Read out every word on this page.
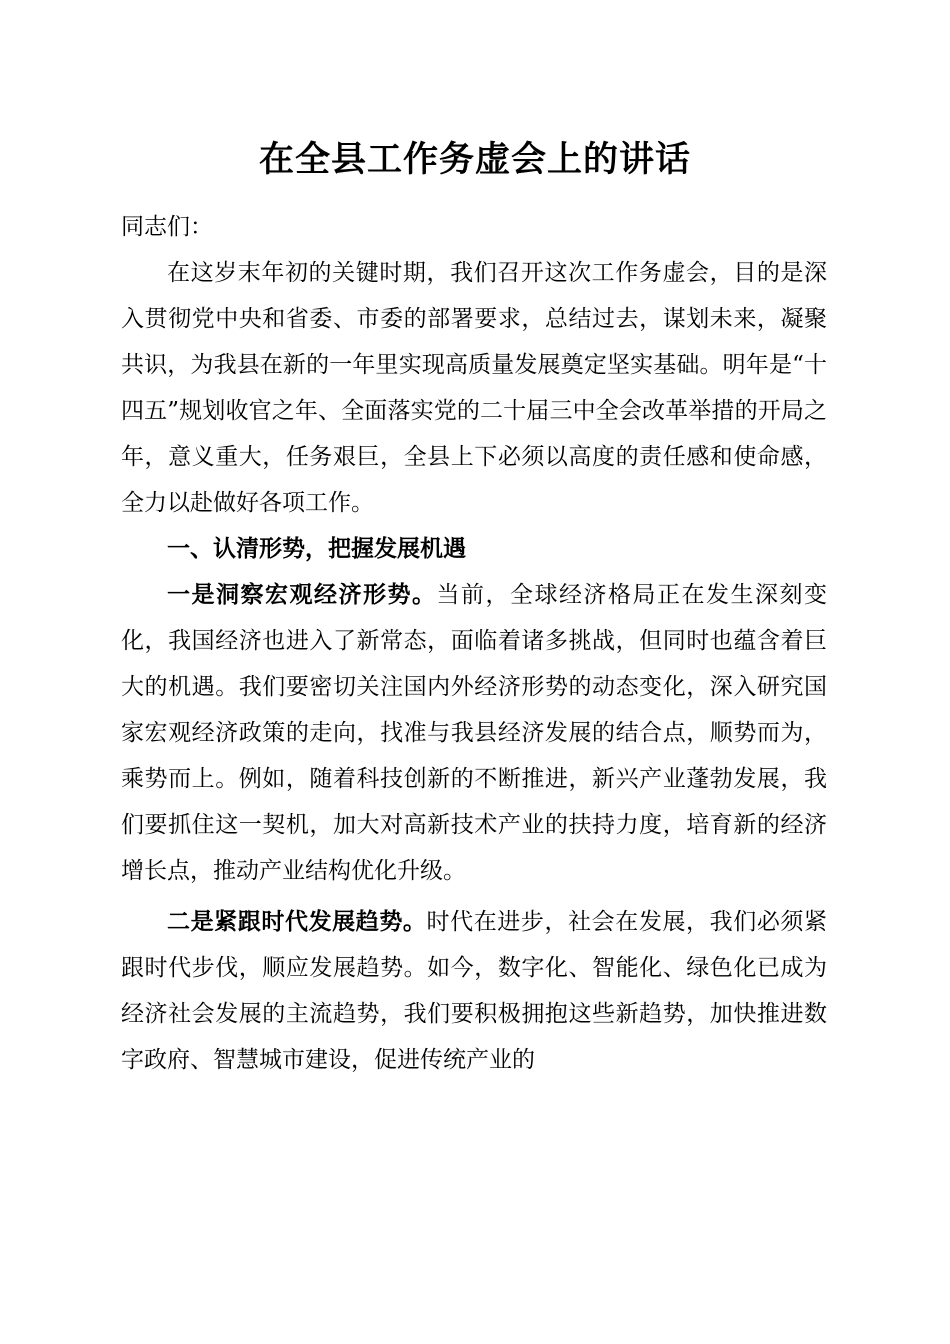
在全县工作务虚会上的讲话

同志们：

在这岁末年初的关键时期，我们召开这次工作务虚会，目的是深入贯彻党中央和省委、市委的部署要求，总结过去，谋划未来，凝聚共识，为我县在新的一年里实现高质量发展奠定坚实基础。明年是“十四五”规划收官之年、全面落实党的二十届三中全会改革举措的开局之年，意义重大，任务艰巨，全县上下必须以高度的责任感和使命感，全力以赴做好各项工作。

一、认清形势，把握发展机遇

一是洞察宏观经济形势。当前，全球经济格局正在发生深刻变化，我国经济也进入了新常态，面临着诸多挑战，但同时也蕴含着巨大的机遇。我们要密切关注国内外经济形势的动态变化，深入研究国家宏观经济政策的走向，找准与我县经济发展的结合点，顺势而为，乘势而上。例如，随着科技创新的不断推进，新兴产业蓬勃发展，我们要抓住这一契机，加大对高新技术产业的扶持力度，培育新的经济增长点，推动产业结构优化升级。

二是紧跟时代发展趋势。时代在进步，社会在发展，我们必须紧跟时代步伐，顺应发展趋势。如今，数字化、智能化、绿色化已成为经济社会发展的主流趋势，我们要积极拥抱这些新趋势，加快推进数字政府、智慧城市建设，促进传统产业的
